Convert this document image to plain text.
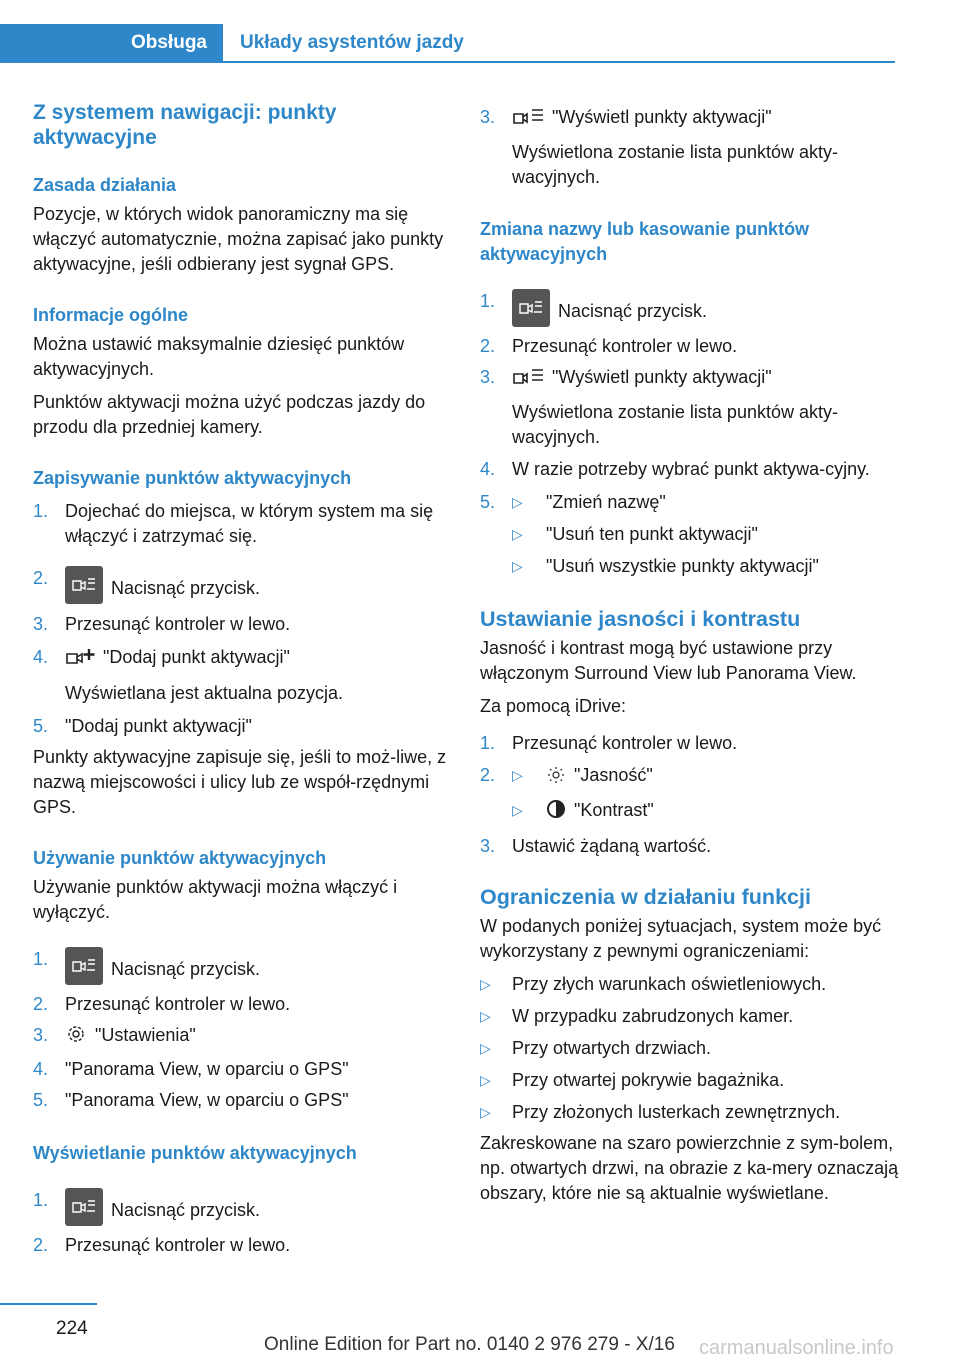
Obsługa	Układy asystentów jazdy

Z systemem nawigacji: punkty aktywacyjne

Zasada działania

Pozycje, w których widok panoramiczny ma się włączyć automatycznie, można zapisać jako punkty aktywacyjne, jeśli odbierany jest sygnał GPS.

Informacje ogólne

Można ustawić maksymalnie dziesięć punktów aktywacyjnych.

Punktów aktywacji można użyć podczas jazdy do przodu dla przedniej kamery.

Zapisywanie punktów aktywacyjnych

1. Dojechać do miejsca, w którym system ma się włączyć i zatrzymać się.
2.	Nacisnąć przycisk.
3. Przesunąć kontroler w lewo.
4.	"Dodaj punkt aktywacji"
Wyświetlana jest aktualna pozycja.
5. "Dodaj punkt aktywacji"

Punkty aktywacyjne zapisuje się, jeśli to moż-liwe, z nazwą miejscowości i ulicy lub ze współ-rzędnymi GPS.

Używanie punktów aktywacyjnych

Używanie punktów aktywacji można włączyć i wyłączyć.

1.	Nacisnąć przycisk.
2. Przesunąć kontroler w lewo.
3.	"Ustawienia"
4. "Panorama View, w oparciu o GPS"
5. "Panorama View, w oparciu o GPS"

Wyświetlanie punktów aktywacyjnych

1.	Nacisnąć przycisk.
2. Przesunąć kontroler w lewo.
3.	"Wyświetl punkty aktywacji"
Wyświetlona zostanie lista punktów akty-wacyjnych.

Zmiana nazwy lub kasowanie punktów aktywacyjnych

1.	Nacisnąć przycisk.
2. Przesunąć kontroler w lewo.
3.	"Wyświetl punkty aktywacji"
Wyświetlona zostanie lista punktów akty-wacyjnych.
4. W razie potrzeby wybrać punkt aktywa-cyjny.
5. ▷ "Zmień nazwę"
▷ "Usuń ten punkt aktywacji"
▷ "Usuń wszystkie punkty aktywacji"

Ustawianie jasności i kontrastu

Jasność i kontrast mogą być ustawione przy włączonym Surround View lub Panorama View.

Za pomocą iDrive:

1. Przesunąć kontroler w lewo.
2. ▷	"Jasność"
▷	"Kontrast"
3. Ustawić żądaną wartość.

Ograniczenia w działaniu funkcji

W podanych poniżej sytuacjach, system może być wykorzystany z pewnymi ograniczeniami:

▷ Przy złych warunkach oświetleniowych.
▷ W przypadku zabrudzonych kamer.
▷ Przy otwartych drzwiach.
▷ Przy otwartej pokrywie bagażnika.
▷ Przy złożonych lusterkach zewnętrznych.

Zakreskowane na szaro powierzchnie z sym-bolem, np. otwartych drzwi, na obrazie z ka-mery oznaczają obszary, które nie są aktualnie wyświetlane.

224
Online Edition for Part no. 0140 2 976 279 - X/16 carmanualsonline.info
